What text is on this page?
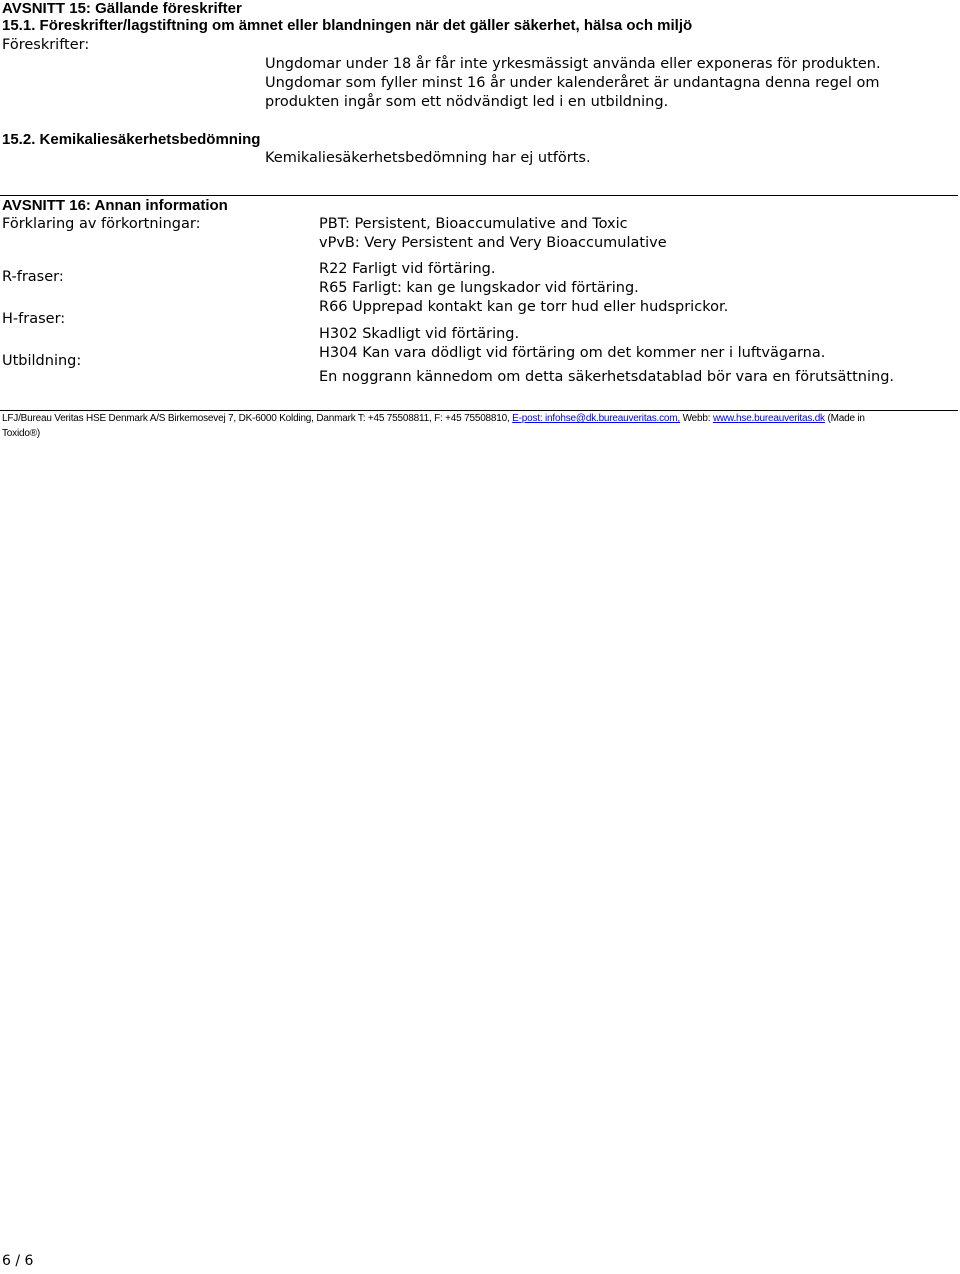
AVSNITT 15: Gällande föreskrifter
15.1. Föreskrifter/lagstiftning om ämnet eller blandningen när det gäller säkerhet, hälsa och miljö
Föreskrifter:
Ungdomar under 18 år får inte yrkesmässigt använda eller exponeras för produkten.
Ungdomar som fyller minst 16 år under kalenderåret är undantagna denna regel om
produkten ingår som ett nödvändigt led i en utbildning.
15.2. Kemikaliesäkerhetsbedömning
Kemikaliesäkerhetsbedömning har ej utförts.
AVSNITT 16: Annan information
Förklaring av förkortningar:	PBT: Persistent, Bioaccumulative and Toxic
vPvB: Very Persistent and Very Bioaccumulative
R-fraser:	R22 Farligt vid förtäring.
R65 Farligt: kan ge lungskador vid förtäring.
R66 Upprepad kontakt kan ge torr hud eller hudsprickor.
H-fraser:
H302 Skadligt vid förtäring.
H304 Kan vara dödligt vid förtäring om det kommer ner i luftvägarna.
Utbildning:
En noggrann kännedom om detta säkerhetsdatablad bör vara en förutsättning.
LFJ/Bureau Veritas HSE Denmark A/S Birkemosevej 7, DK-6000 Kolding, Danmark T: +45 75508811, F: +45 75508810, E-post: infohse@dk.bureauveritas.com, Webb: www.hse.bureauveritas.dk (Made in
Toxido®)
6 / 6
